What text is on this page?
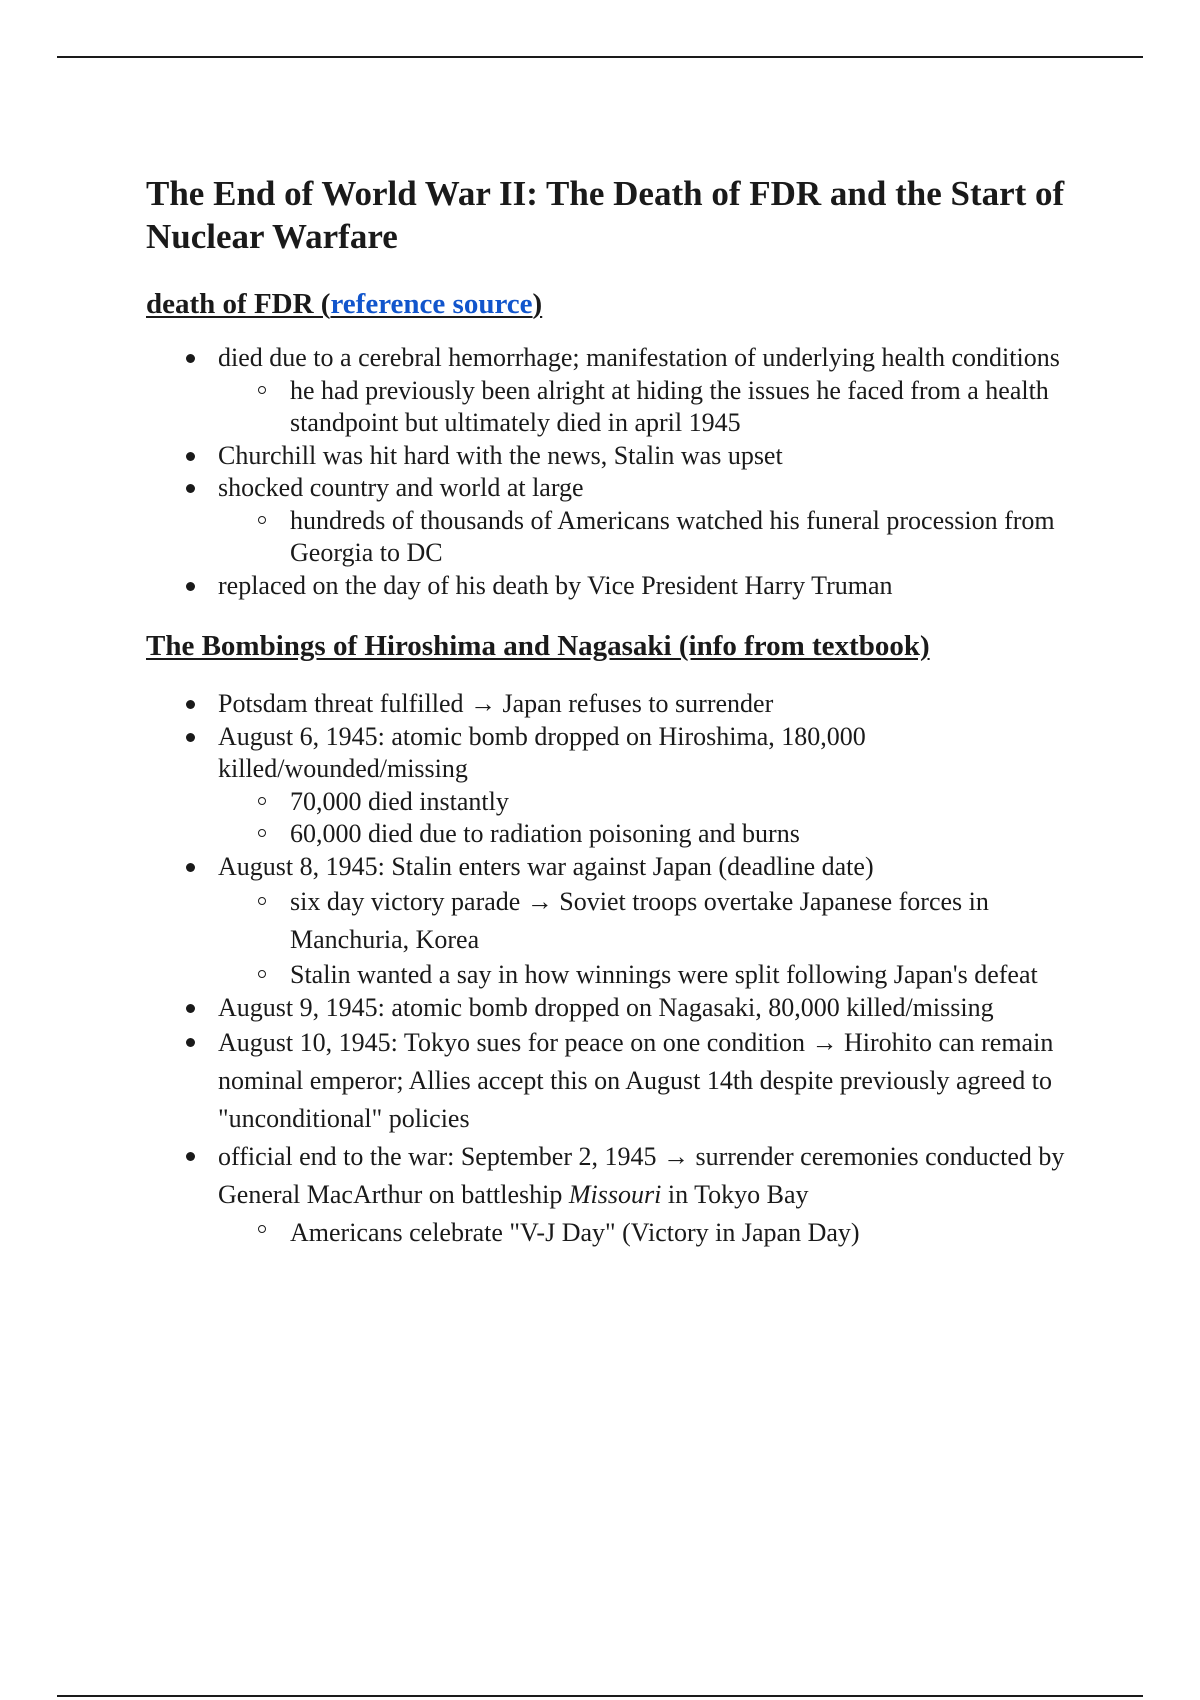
The End of World War II: The Death of FDR and the Start of Nuclear Warfare
death of FDR (reference source)
died due to a cerebral hemorrhage; manifestation of underlying health conditions
he had previously been alright at hiding the issues he faced from a health standpoint but ultimately died in april 1945
Churchill was hit hard with the news, Stalin was upset
shocked country and world at large
hundreds of thousands of Americans watched his funeral procession from Georgia to DC
replaced on the day of his death by Vice President Harry Truman
The Bombings of Hiroshima and Nagasaki (info from textbook)
Potsdam threat fulfilled → Japan refuses to surrender
August 6, 1945: atomic bomb dropped on Hiroshima, 180,000 killed/wounded/missing
70,000 died instantly
60,000 died due to radiation poisoning and burns
August 8, 1945: Stalin enters war against Japan (deadline date)
six day victory parade → Soviet troops overtake Japanese forces in Manchuria, Korea
Stalin wanted a say in how winnings were split following Japan's defeat
August 9, 1945: atomic bomb dropped on Nagasaki, 80,000 killed/missing
August 10, 1945: Tokyo sues for peace on one condition → Hirohito can remain nominal emperor; Allies accept this on August 14th despite previously agreed to "unconditional" policies
official end to the war: September 2, 1945 → surrender ceremonies conducted by General MacArthur on battleship Missouri in Tokyo Bay
Americans celebrate "V-J Day" (Victory in Japan Day)
